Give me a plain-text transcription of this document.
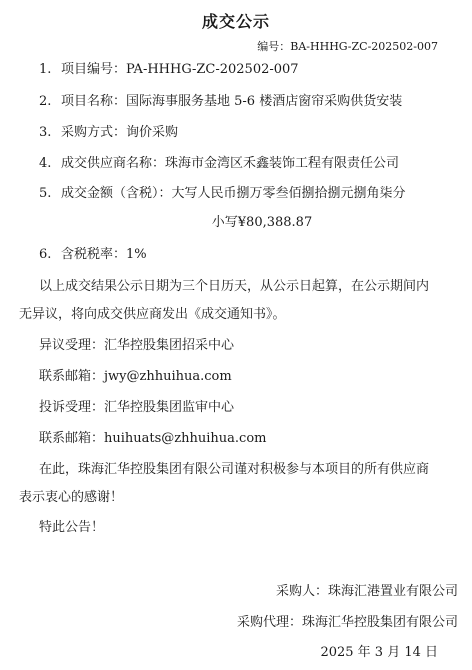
成交公示
编号：BA-HHHG-ZC-202502-007
1. 项目编号：PA-HHHG-ZC-202502-007
2. 项目名称：国际海事服务基地 5-6 楼酒店窗帘采购供货安装
3. 采购方式：询价采购
4. 成交供应商名称：珠海市金湾区禾鑫装饰工程有限责任公司
5. 成交金额（含税）：大写人民币捌万零叁佰捌拾捌元捌角柒分
小写¥80,388.87
6. 含税税率：1%
以上成交结果公示日期为三个日历天，从公示日起算，在公示期间内
无异议，将向成交供应商发出《成交通知书》。
异议受理：汇华控股集团招采中心
联系邮箱：jwy@zhhuihua.com
投诉受理：汇华控股集团监审中心
联系邮箱：huihuats@zhhuihua.com
在此，珠海汇华控股集团有限公司谨对积极参与本项目的所有供应商
表示衷心的感谢！
特此公告！
采购人：珠海汇港置业有限公司
采购代理：珠海汇华控股集团有限公司
2025 年 3 月 14 日
